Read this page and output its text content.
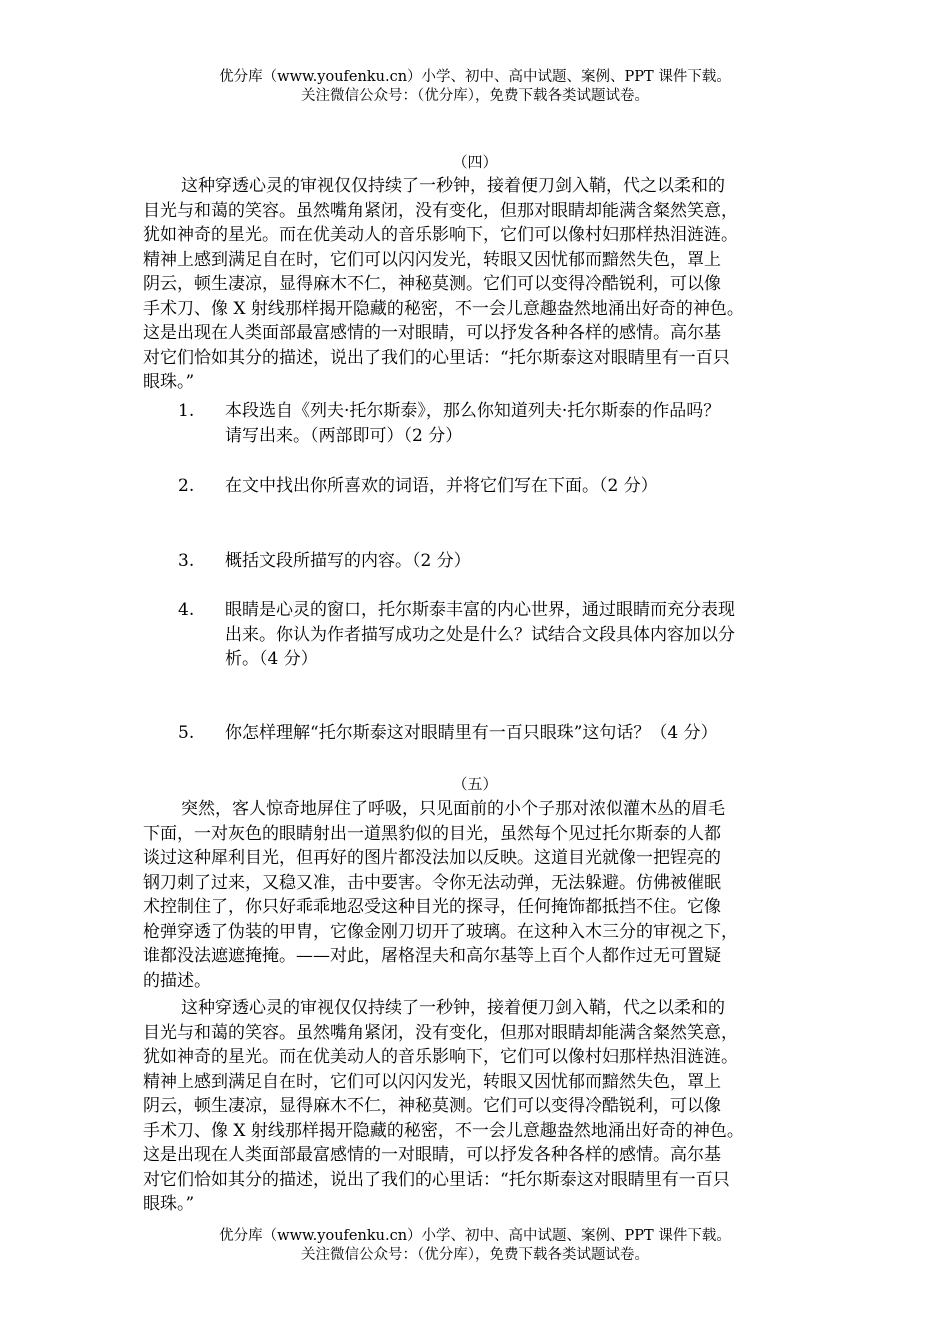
优分库（www.youfenku.cn）小学、初中、高中试题、案例、PPT 课件下载。
关注微信公众号：（优分库），免费下载各类试题试卷。
（四）
这种穿透心灵的审视仅仅持续了一秒钟，接着便刀剑入鞘，代之以柔和的
目光与和蔼的笑容。虽然嘴角紧闭，没有变化，但那对眼睛却能满含粲然笑意，
犹如神奇的星光。而在优美动人的音乐影响下，它们可以像村妇那样热泪涟涟。
精神上感到满足自在时，它们可以闪闪发光，转眼又因忧郁而黯然失色，罩上
阴云，顿生凄凉，显得麻木不仁，神秘莫测。它们可以变得冷酷锐利，可以像
手术刀、像 X 射线那样揭开隐藏的秘密，不一会儿意趣盎然地涌出好奇的神色。
这是出现在人类面部最富感情的一对眼睛，可以抒发各种各样的感情。高尔基
对它们恰如其分的描述，说出了我们的心里话：“托尔斯泰这对眼睛里有一百只
眼珠。”
1.	本段选自《列夫·托尔斯泰》，那么你知道列夫·托尔斯泰的作品吗？
请写出来。（两部即可）（2 分）
2.	在文中找出你所喜欢的词语，并将它们写在下面。（2 分）
3.	概括文段所描写的内容。（2 分）
4.	眼睛是心灵的窗口，托尔斯泰丰富的内心世界，通过眼睛而充分表现
出来。你认为作者描写成功之处是什么？试结合文段具体内容加以分
析。（4 分）
5.	你怎样理解“托尔斯泰这对眼睛里有一百只眼珠”这句话？（4 分）
（五）
突然，客人惊奇地屏住了呼吸，只见面前的小个子那对浓似灌木丛的眉毛
下面，一对灰色的眼睛射出一道黑豹似的目光，虽然每个见过托尔斯泰的人都
谈过这种犀利目光，但再好的图片都没法加以反映。这道目光就像一把锃亮的
钢刀刺了过来，又稳又准，击中要害。令你无法动弹，无法躲避。仿佛被催眠
术控制住了，你只好乖乖地忍受这种目光的探寻，任何掩饰都抵挡不住。它像
枪弹穿透了伪装的甲胄，它像金刚刀切开了玻璃。在这种入木三分的审视之下，
谁都没法遮遮掩掩。——对此，屠格涅夫和高尔基等上百个人都作过无可置疑
的描述。
这种穿透心灵的审视仅仅持续了一秒钟，接着便刀剑入鞘，代之以柔和的
目光与和蔼的笑容。虽然嘴角紧闭，没有变化，但那对眼睛却能满含粲然笑意，
犹如神奇的星光。而在优美动人的音乐影响下，它们可以像村妇那样热泪涟涟。
精神上感到满足自在时，它们可以闪闪发光，转眼又因忧郁而黯然失色，罩上
阴云，顿生凄凉，显得麻木不仁，神秘莫测。它们可以变得冷酷锐利，可以像
手术刀、像 X 射线那样揭开隐藏的秘密，不一会儿意趣盎然地涌出好奇的神色。
这是出现在人类面部最富感情的一对眼睛，可以抒发各种各样的感情。高尔基
对它们恰如其分的描述，说出了我们的心里话：“托尔斯泰这对眼睛里有一百只
眼珠。”
优分库（www.youfenku.cn）小学、初中、高中试题、案例、PPT 课件下载。
关注微信公众号：（优分库），免费下载各类试题试卷。
